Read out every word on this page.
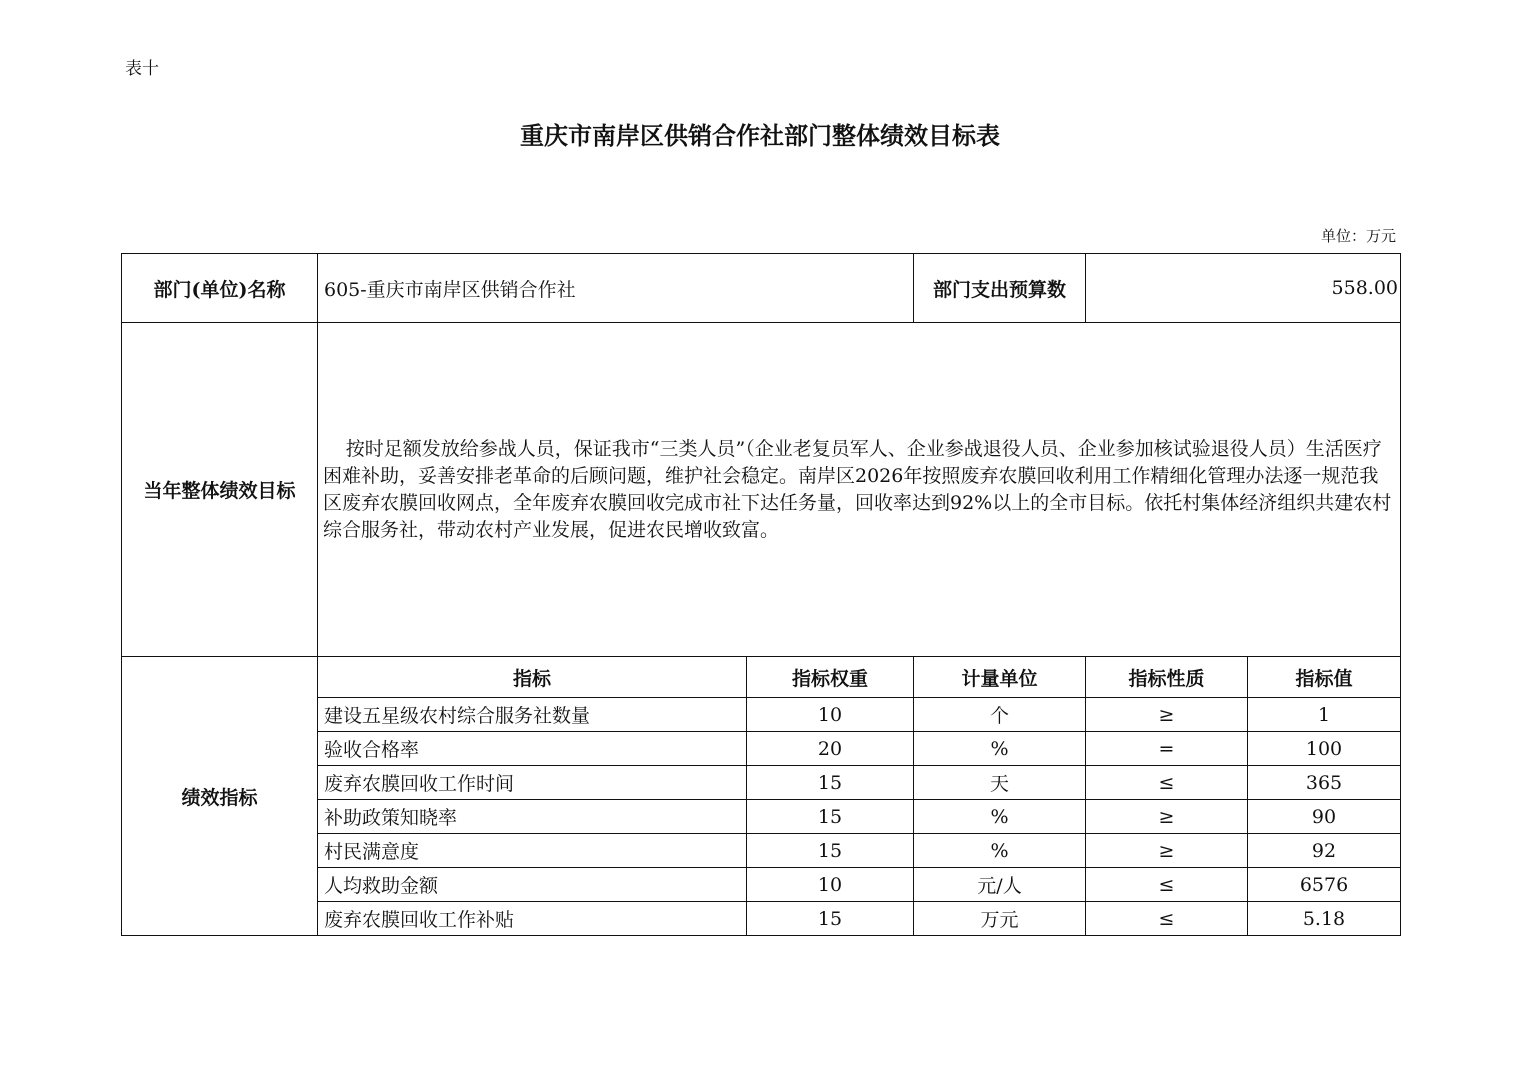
表十
重庆市南岸区供销合作社部门整体绩效目标表
单位：万元
部门(单位)名称	605-重庆市南岸区供销合作社		部门支出预算数	558.00	
当年整体绩效目标	按时足额发放给参战人员，保证我市“三类人员”（企业老复员军人、企业参战退役人员、企业参加核试验退役人员）生活医疗困难补助，妥善安排老革命的后顾问题，维护社会稳定。南岸区2026年按照废弃农膜回收利用工作精细化管理办法逐一规范我区废弃农膜回收网点，全年废弃农膜回收完成市社下达任务量，回收率达到92%以上的全市目标。依托村集体经济组织共建农村综合服务社，带动农村产业发展，促进农民增收致富。				
绩效指标	指标	指标权重	计量单位	指标性质	指标值
	建设五星级农村综合服务社数量	10	个	≥	1
	验收合格率	20	%	=	100
	废弃农膜回收工作时间	15	天	≤	365
	补助政策知晓率	15	%	≥	90
	村民满意度	15	%	≥	92
	人均救助金额	10	元/人	≤	6576
	废弃农膜回收工作补贴	15	万元	≤	5.18
